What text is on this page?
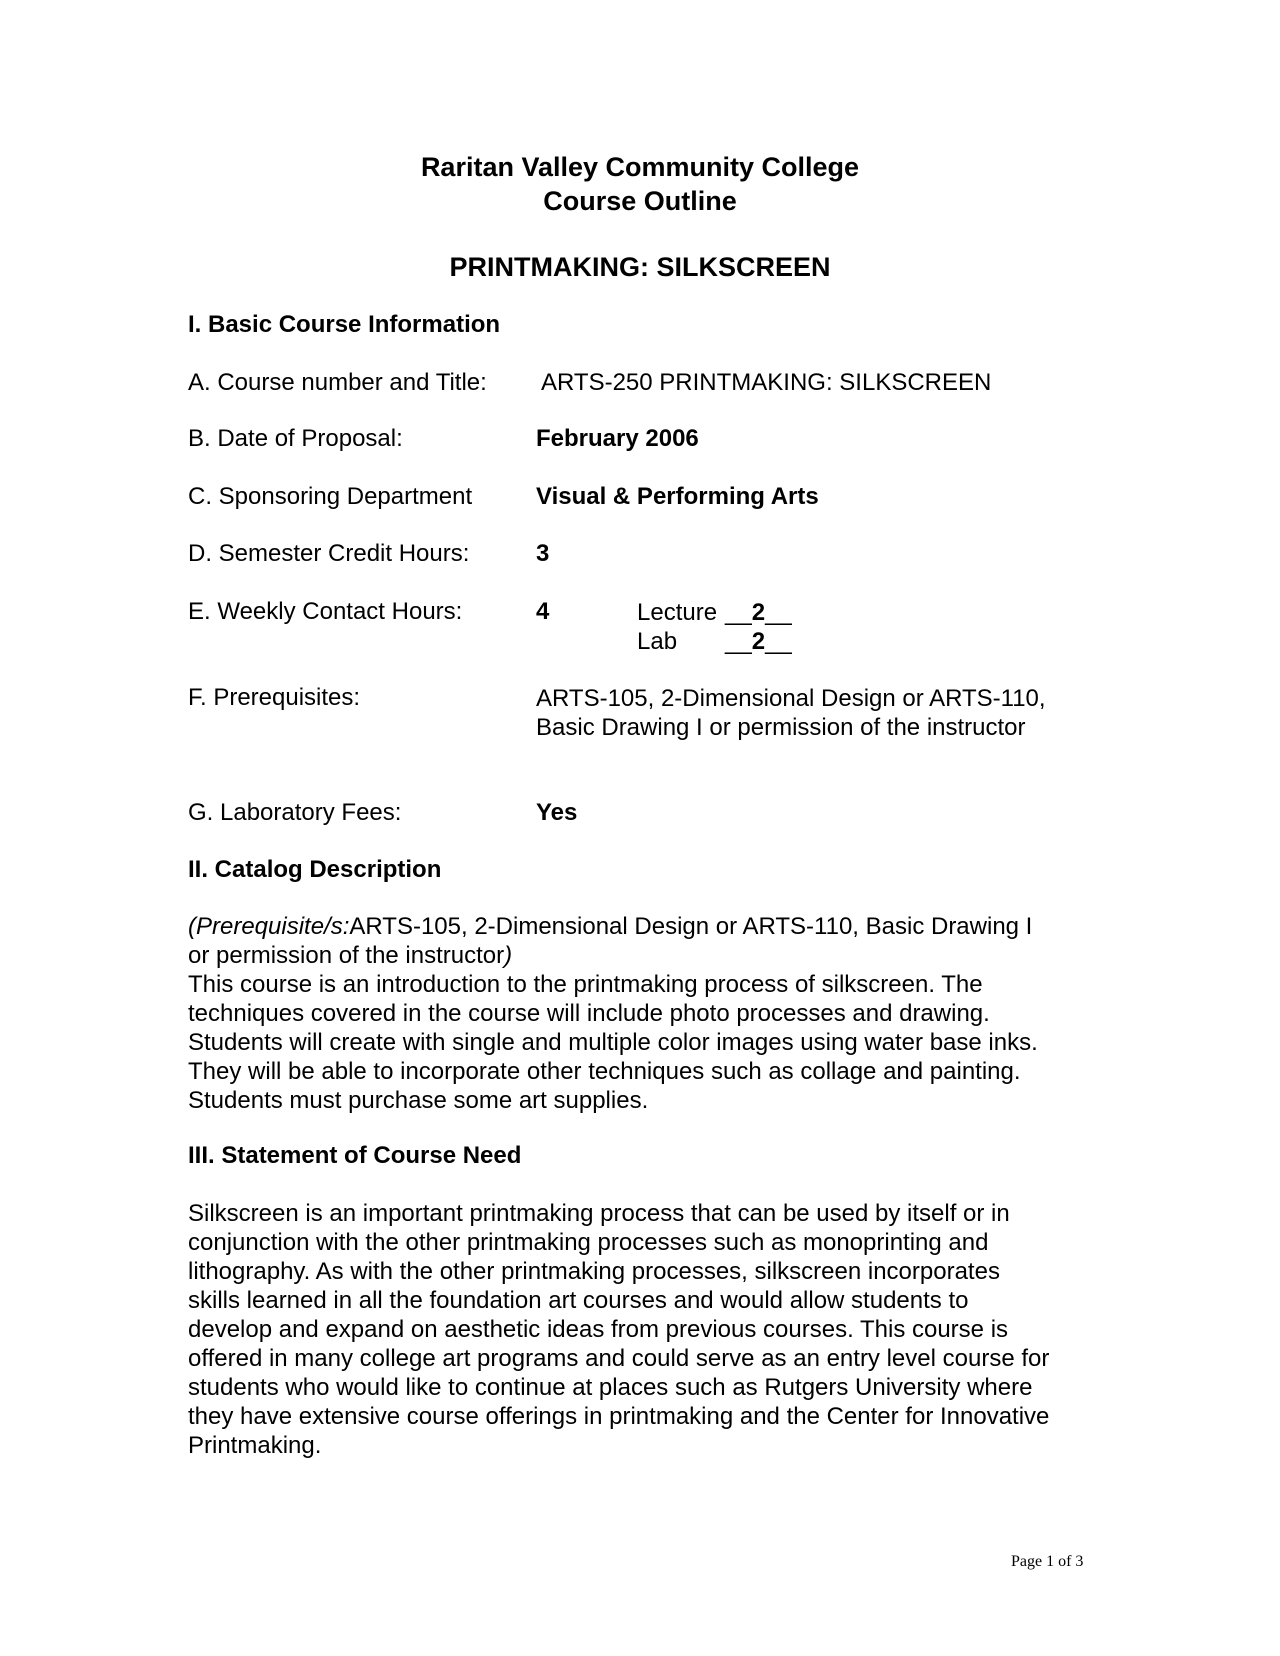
Raritan Valley Community College
Course Outline
PRINTMAKING: SILKSCREEN
I. Basic Course Information
A. Course number and Title: ARTS-250 PRINTMAKING: SILKSCREEN
B. Date of Proposal:	February 2006
C. Sponsoring Department	Visual & Performing Arts
D. Semester Credit Hours:	3
E. Weekly Contact Hours:	4	Lecture __2__
Lab __2__
F. Prerequisites:	ARTS-105, 2-Dimensional Design or ARTS-110,
Basic Drawing I or permission of the instructor
G. Laboratory Fees:	Yes
II. Catalog Description
(Prerequisite/s:ARTS-105, 2-Dimensional Design or ARTS-110, Basic Drawing I
or permission of the instructor)
This course is an introduction to the printmaking process of silkscreen. The
techniques covered in the course will include photo processes and drawing.
Students will create with single and multiple color images using water base inks.
They will be able to incorporate other techniques such as collage and painting.
Students must purchase some art supplies.
III. Statement of Course Need
Silkscreen is an important printmaking process that can be used by itself or in
conjunction with the other printmaking processes such as monoprinting and
lithography. As with the other printmaking processes, silkscreen incorporates
skills learned in all the foundation art courses and would allow students to
develop and expand on aesthetic ideas from previous courses. This course is
offered in many college art programs and could serve as an entry level course for
students who would like to continue at places such as Rutgers University where
they have extensive course offerings in printmaking and the Center for Innovative
Printmaking.
Page 1 of 3
